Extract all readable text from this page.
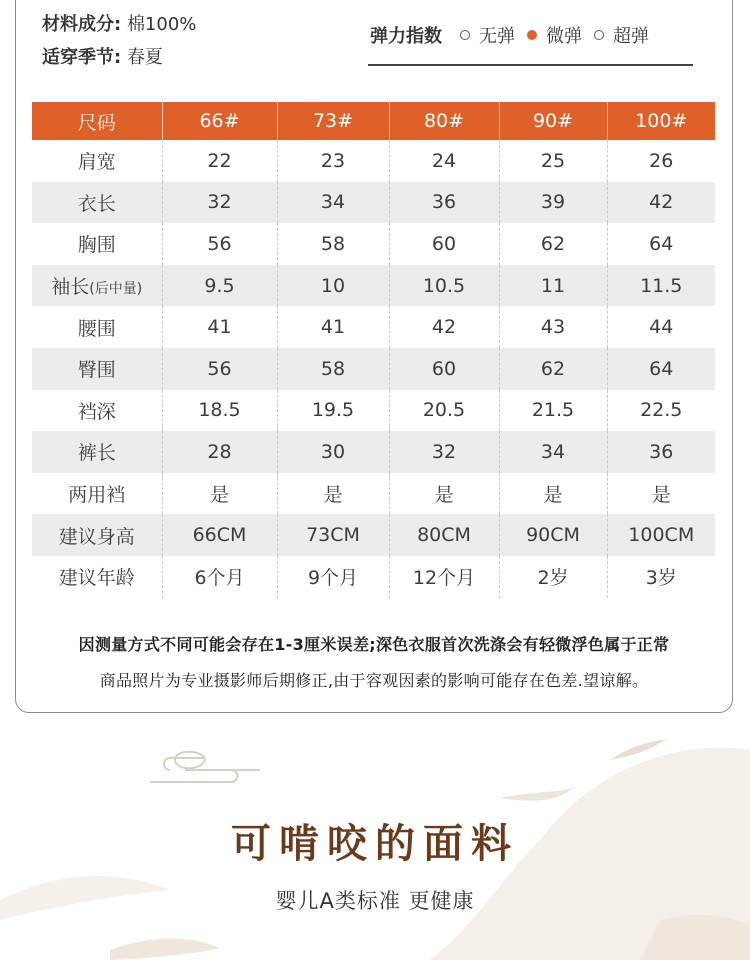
材料成分: 棉100%
适穿季节: 春夏
弹力指数 无弹 微弹 超弹
尺码	66#	73#	80#	90#	100#
肩宽	22	23	24	25	26
衣长	32	34	36	39	42
胸围	56	58	60	62	64
袖长(后中量)	9.5	10	10.5	11	11.5
腰围	41	41	42	43	44
臀围	56	58	60	62	64
裆深	18.5	19.5	20.5	21.5	22.5
裤长	28	30	32	34	36
两用裆	是	是	是	是	是
建议身高	66CM	73CM	80CM	90CM	100CM
建议年龄	6个月	9个月	12个月	2岁	3岁
因测量方式不同可能会存在1-3厘米误差;深色衣服首次洗涤会有轻微浮色属于正常
商品照片为专业摄影师后期修正,由于容观因素的影响可能存在色差.望谅解。
可啃咬的面料
婴儿A类标准 更健康
